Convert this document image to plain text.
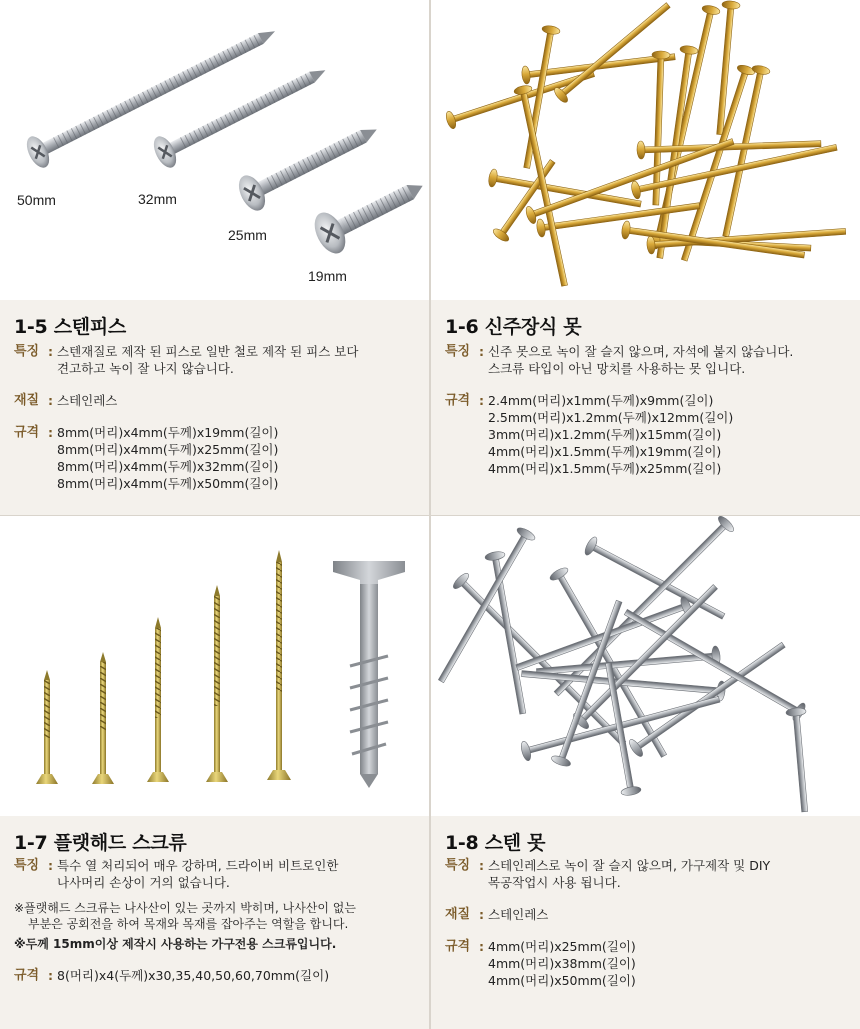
50mm	32mm
25mm
19mm
1-5 스텐피스
특징 : 스텐재질로 제작 된 피스로 일반 철로 제작 된 피스 보다
견고하고 녹이 잘 나지 않습니다.
재질 : 스테인레스
규격 : 8mm(머리)x4mm(두께)x19mm(길이)
8mm(머리)x4mm(두께)x25mm(길이)
8mm(머리)x4mm(두께)x32mm(길이)
8mm(머리)x4mm(두께)x50mm(길이)
1-6 신주장식 못
특징 : 신주 못으로 녹이 잘 슬지 않으며, 자석에 붙지 않습니다.
스크류 타입이 아닌 망치를 사용하는 못 입니다.
규격 : 2.4mm(머리)x1mm(두께)x9mm(길이)
2.5mm(머리)x1.2mm(두께)x12mm(길이)
3mm(머리)x1.2mm(두께)x15mm(길이)
4mm(머리)x1.5mm(두께)x19mm(길이)
4mm(머리)x1.5mm(두께)x25mm(길이)
1-7 플랫해드 스크류
특징 : 특수 열 처리되어 매우 강하며, 드라이버 비트로인한
나사머리 손상이 거의 없습니다.
※플랫해드 스크류는 나사산이 있는 곳까지 박히며, 나사산이 없는
부분은 공회전을 하여 목재와 목재를 잡아주는 역할을 합니다.
※두께 15mm이상 제작시 사용하는 가구전용 스크류입니다.
규격 : 8(머리)x4(두께)x30,35,40,50,60,70mm(길이)
1-8 스텐 못
특징 : 스테인레스로 녹이 잘 슬지 않으며, 가구제작 및 DIY
목공작업시 사용 됩니다.
재질 : 스테인레스
규격 : 4mm(머리)x25mm(길이)
4mm(머리)x38mm(길이)
4mm(머리)x50mm(길이)
